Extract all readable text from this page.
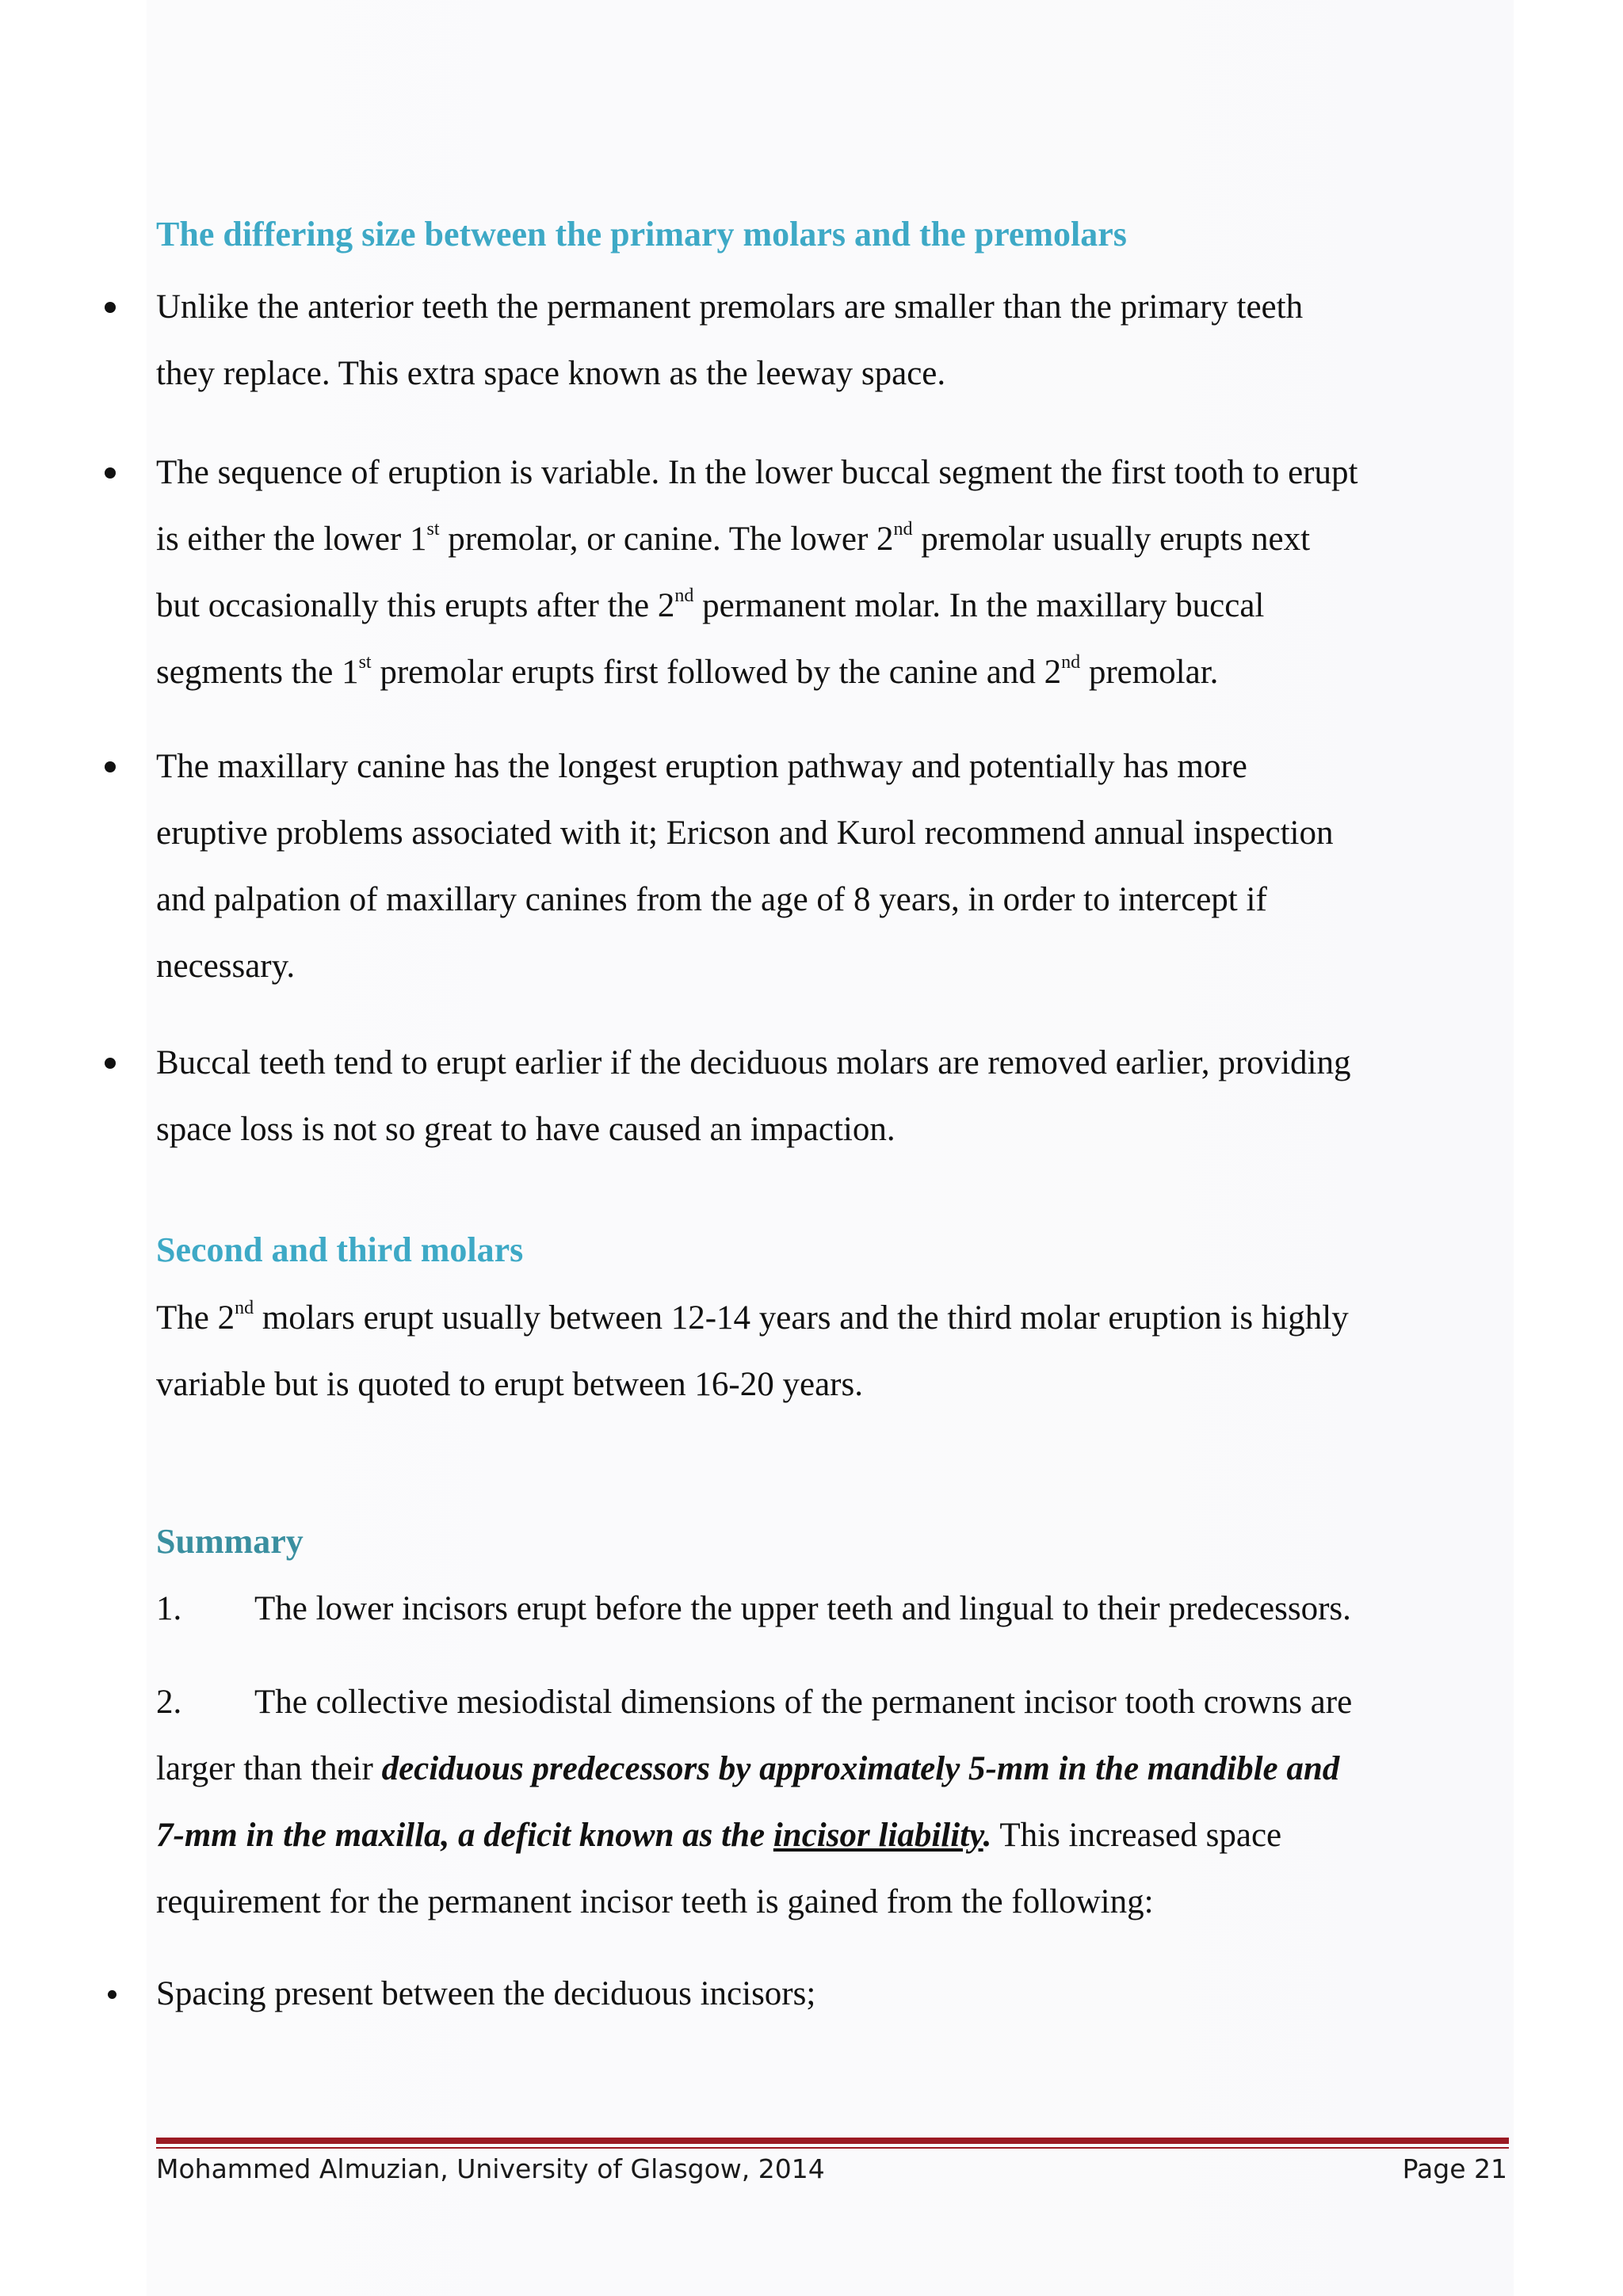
The differing size between the primary molars and the premolars
Unlike the anterior teeth the permanent premolars are smaller than the primary teeth
they replace. This extra space known as the leeway space.
The sequence of eruption is variable. In the lower buccal segment the first tooth to erupt
is either the lower 1st premolar, or canine. The lower 2nd premolar usually erupts next
but occasionally this erupts after the 2nd permanent molar. In the maxillary buccal
segments the 1st premolar erupts first followed by the canine and 2nd premolar.
The maxillary canine has the longest eruption pathway and potentially has more
eruptive problems associated with it; Ericson and Kurol recommend annual inspection
and palpation of maxillary canines from the age of 8 years, in order to intercept if
necessary.
Buccal teeth tend to erupt earlier if the deciduous molars are removed earlier, providing
space loss is not so great to have caused an impaction.
Second and third molars
The 2nd molars erupt usually between 12-14 years and the third molar eruption is highly
variable but is quoted to erupt between 16-20 years.
Summary
1. The lower incisors erupt before the upper teeth and lingual to their predecessors.
2. The collective mesiodistal dimensions of the permanent incisor tooth crowns are
larger than their deciduous predecessors by approximately 5-mm in the mandible and
7-mm in the maxilla, a deficit known as the incisor liability. This increased space
requirement for the permanent incisor teeth is gained from the following:
Spacing present between the deciduous incisors;
Mohammed Almuzian, University of Glasgow, 2014	Page 21
